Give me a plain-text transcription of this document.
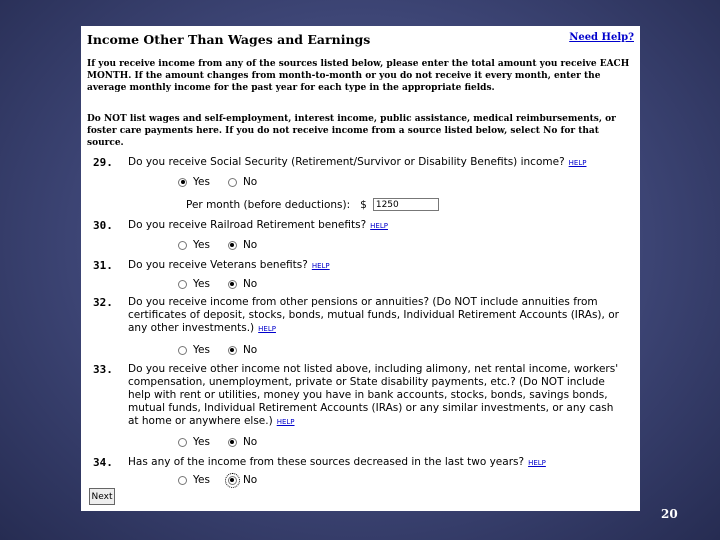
Income Other Than Wages and Earnings	Need Help?

If you receive income from any of the sources listed below, please enter the total amount you receive EACH MONTH. If the amount changes from month-to-month or you do not receive it every month, enter the average monthly income for the past year for each type in the appropriate fields.

Do NOT list wages and self-employment, interest income, public assistance, medical reimbursements, or foster care payments here. If you do not receive income from a source listed below, select No for that source.

29. Do you receive Social Security (Retirement/Survivor or Disability Benefits) income? HELP
Yes	No
Per month (before deductions): $
1250
30. Do you receive Railroad Retirement benefits? HELP
Yes	No
31. Do you receive Veterans benefits? HELP
Yes	No
32. Do you receive income from other pensions or annuities? (Do NOT include annuities from certificates of deposit, stocks, bonds, mutual funds, Individual Retirement Accounts (IRAs), or any other investments.) HELP
Yes	No
33. Do you receive other income not listed above, including alimony, net rental income, workers' compensation, unemployment, private or State disability payments, etc.? (Do NOT include help with rent or utilities, money you have in bank accounts, stocks, bonds, savings bonds, mutual funds, Individual Retirement Accounts (IRAs) or any similar investments, or any cash at home or anywhere else.) HELP
Yes	No
34. Has any of the income from these sources decreased in the last two years? HELP
Yes	No
Next
20
